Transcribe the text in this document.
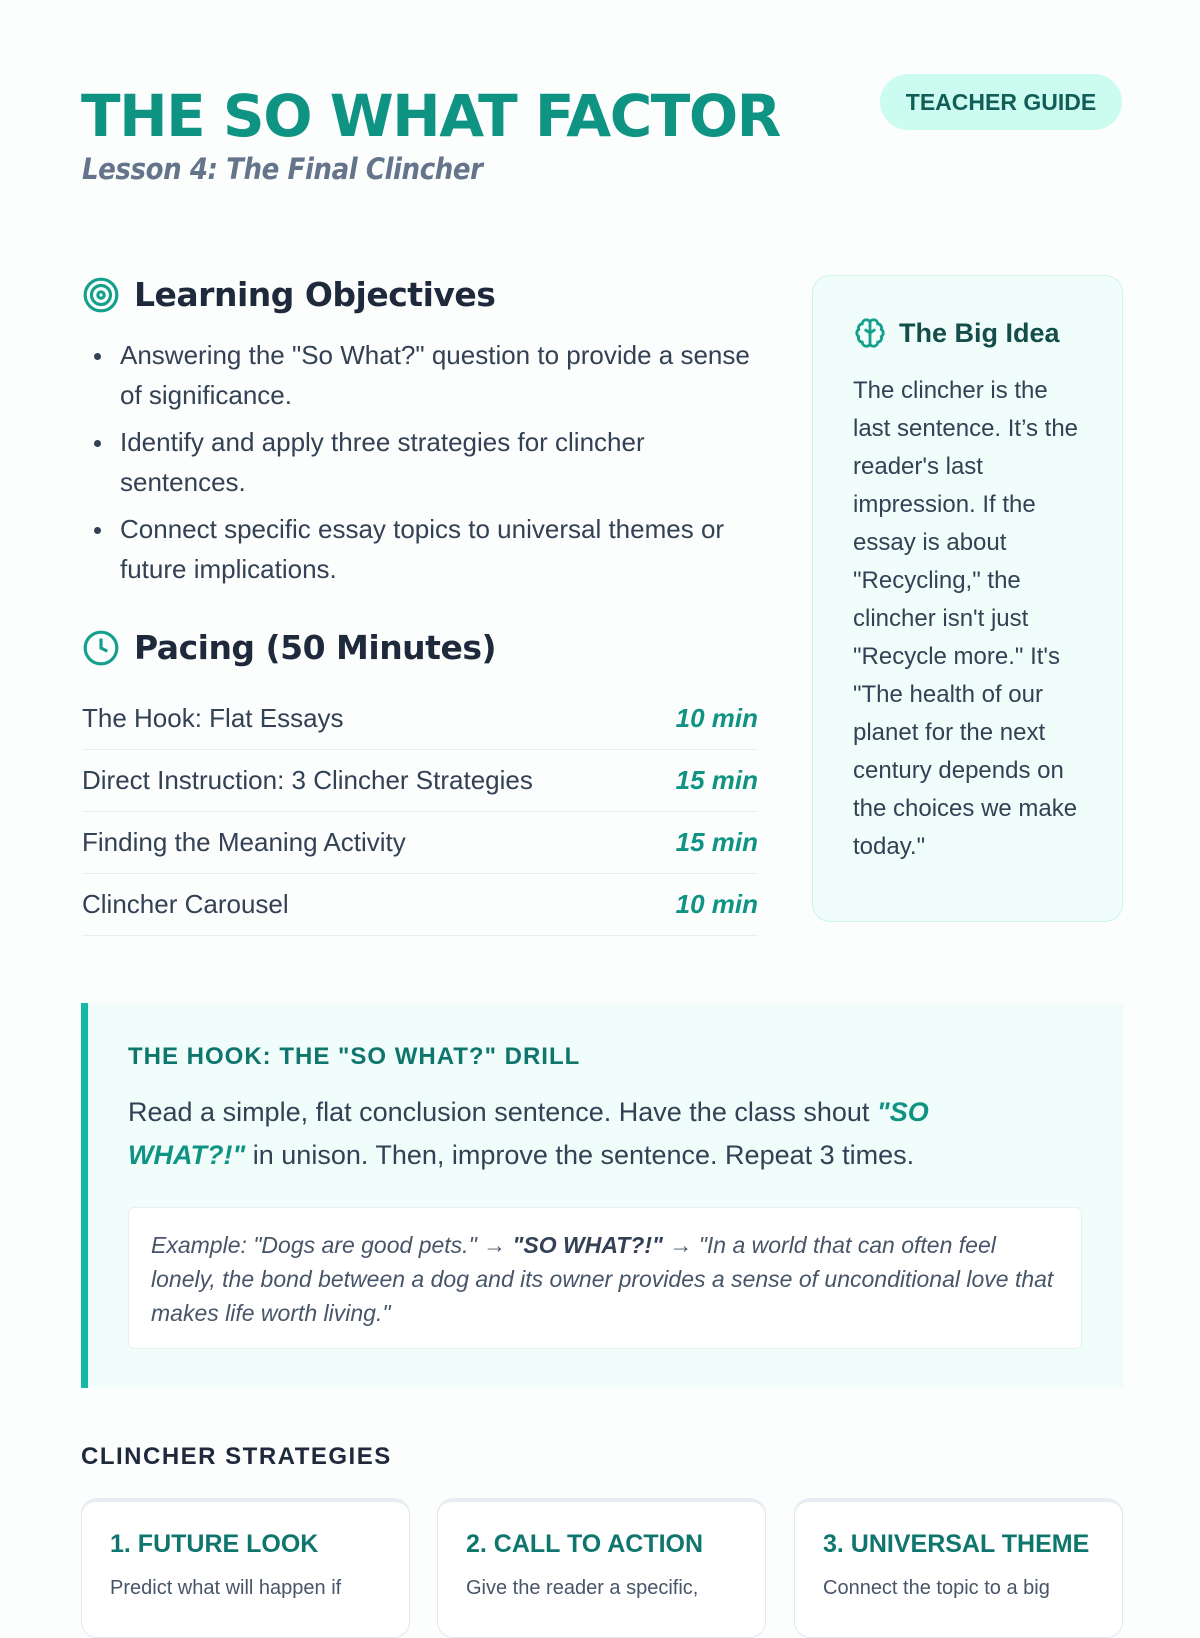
THE SO WHAT FACTOR
Lesson 4: The Final Clincher
TEACHER GUIDE
Learning Objectives
Answering the "So What?" question to provide a sense of significance.
Identify and apply three strategies for clincher sentences.
Connect specific essay topics to universal themes or future implications.
Pacing (50 Minutes)
The Hook: Flat Essays	10 min
Direct Instruction: 3 Clincher Strategies	15 min
Finding the Meaning Activity	15 min
Clincher Carousel	10 min
The Big Idea

The clincher is the last sentence. It’s the reader's last impression. If the essay is about "Recycling," the clincher isn't just "Recycle more." It's "The health of our planet for the next century depends on the choices we make today."

THE HOOK: THE "SO WHAT?" DRILL
Read a simple, flat conclusion sentence. Have the class shout "SO WHAT?!" in unison. Then, improve the sentence. Repeat 3 times.
Example: "Dogs are good pets." → "SO WHAT?!" → "In a world that can often feel lonely, the bond between a dog and its owner provides a sense of unconditional love that makes life worth living."
CLINCHER STRATEGIES
1. FUTURE LOOK
Predict what will happen if
2. CALL TO ACTION
Give the reader a specific,
3. UNIVERSAL THEME
Connect the topic to a big
